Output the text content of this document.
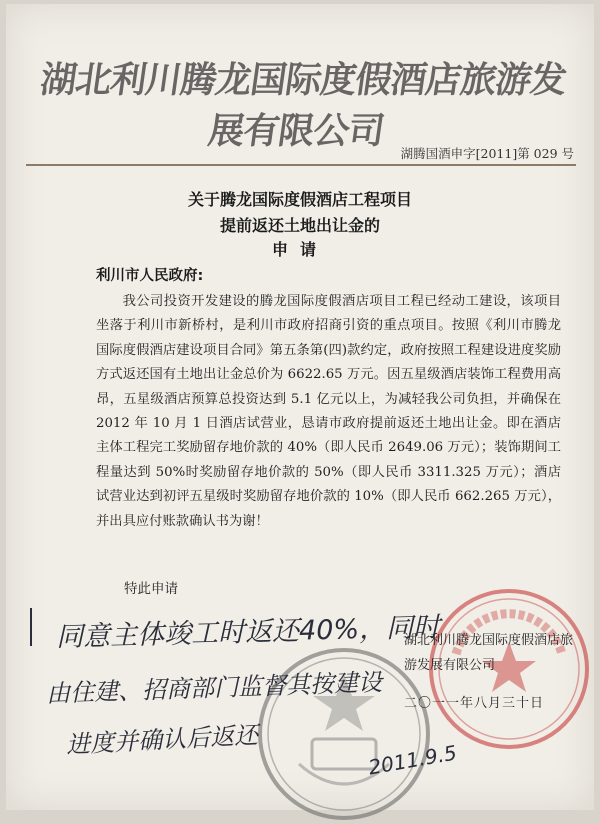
湖北利川腾龙国际度假酒店旅游发展有限公司
湖腾国酒申字[2011]第 029 号
关于腾龙国际度假酒店工程项目
提前返还土地出让金的
申请
利川市人民政府:
我公司投资开发建设的腾龙国际度假酒店项目工程已经动工建设，该项目坐落于利川市新桥村，是利川市政府招商引资的重点项目。按照《利川市腾龙国际度假酒店建设项目合同》第五条第(四)款约定，政府按照工程建设进度奖励方式返还国有土地出让金总价为 6622.65 万元。因五星级酒店装饰工程费用高昂，五星级酒店预算总投资达到 5.1 亿元以上，为减轻我公司负担，并确保在 2012 年 10 月 1 日酒店试营业，恳请市政府提前返还土地出让金。即在酒店主体工程完工奖励留存地价款的 40%（即人民币 2649.06 万元）；装饰期间工程量达到 50%时奖励留存地价款的 50%（即人民币 3311.325 万元）；酒店试营业达到初评五星级时奖励留存地价款的 10%（即人民币 662.265 万元），并出具应付账款确认书为谢！
特此申请
湖北利川腾龙国际度假酒店旅游发展有限公司
二〇一一年八月三十日
同意主体竣工时返还40%，同时
由住建、招商部门监督其按建设
进度并确认后返还
2011.9.5
